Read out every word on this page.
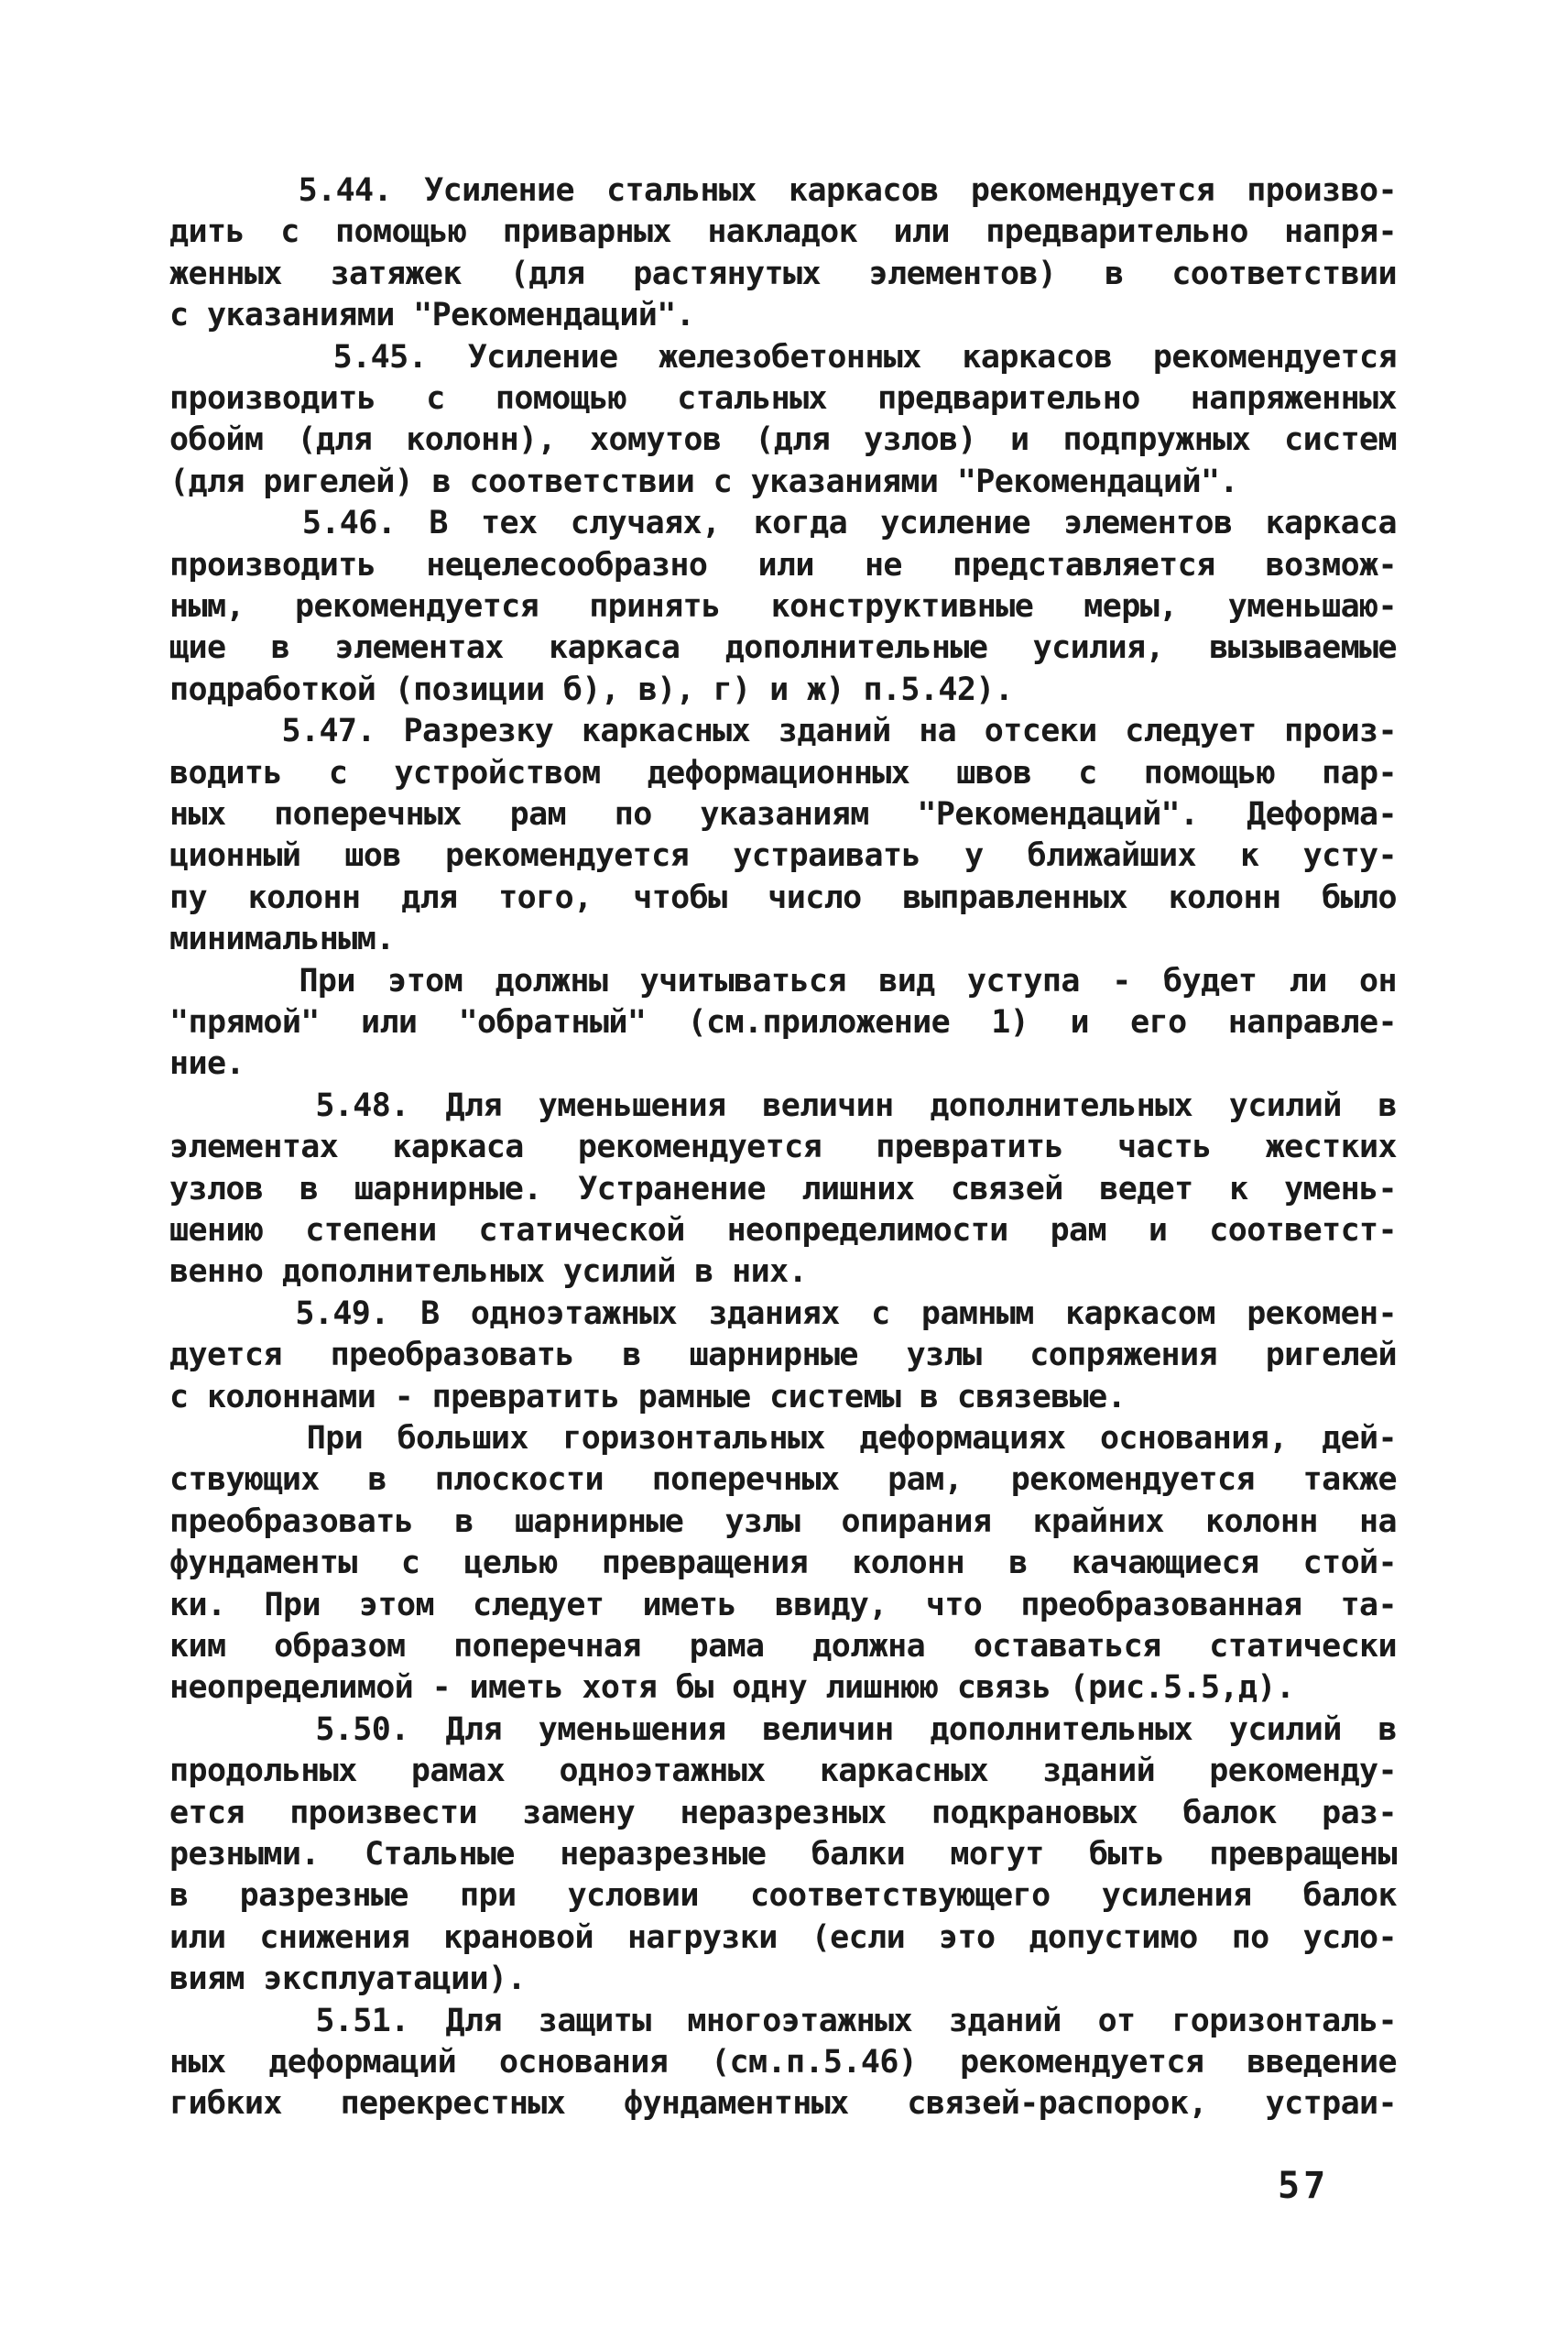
5.44. Усиление стальных каркасов рекомендуется произво-
дить с помощью приварных накладок или предварительно напря-
женных затяжек (для растянутых элементов) в соответствии
с указаниями "Рекомендаций".
5.45. Усиление железобетонных каркасов рекомендуется
производить с помощью стальных предварительно напряженных
обойм (для колонн), хомутов (для узлов) и подпружных систем
(для ригелей) в соответствии с указаниями "Рекомендаций".
5.46. В тех случаях, когда усиление элементов каркаса
производить нецелесообразно или не представляется возмож-
ным, рекомендуется принять конструктивные меры, уменьшаю-
щие в элементах каркаса дополнительные усилия, вызываемые
подработкой (позиции б), в), г) и ж) п.5.42).
5.47. Разрезку каркасных зданий на отсеки следует произ-
водить с устройством деформационных швов с помощью пар-
ных поперечных рам по указаниям "Рекомендаций". Деформа-
ционный шов рекомендуется устраивать у ближайших к усту-
пу колонн для того, чтобы число выправленных колонн было
минимальным.
При этом должны учитываться вид уступа - будет ли он
"прямой" или "обратный" (см.приложение 1) и его направле-
ние.
5.48. Для уменьшения величин дополнительных усилий в
элементах каркаса рекомендуется превратить часть жестких
узлов в шарнирные. Устранение лишних связей ведет к умень-
шению степени статической неопределимости рам и соответст-
венно дополнительных усилий в них.
5.49. В одноэтажных зданиях с рамным каркасом рекомен-
дуется преобразовать в шарнирные узлы сопряжения ригелей
с колоннами - превратить рамные системы в связевые.
При больших горизонтальных деформациях основания, дей-
ствующих в плоскости поперечных рам, рекомендуется также
преобразовать в шарнирные узлы опирания крайних колонн на
фундаменты с целью превращения колонн в качающиеся стой-
ки. При этом следует иметь ввиду, что преобразованная та-
ким образом поперечная рама должна оставаться статически
неопределимой - иметь хотя бы одну лишнюю связь (рис.5.5,д).
5.50. Для уменьшения величин дополнительных усилий в
продольных рамах одноэтажных каркасных зданий рекоменду-
ется произвести замену неразрезных подкрановых балок раз-
резными. Стальные неразрезные балки могут быть превращены
в разрезные при условии соответствующего усиления балок
или снижения крановой нагрузки (если это допустимо по усло-
виям эксплуатации).
5.51. Для защиты многоэтажных зданий от горизонталь-
ных деформаций основания (см.п.5.46) рекомендуется введение
гибких перекрестных фундаментных связей-распорок, устраи-
57
